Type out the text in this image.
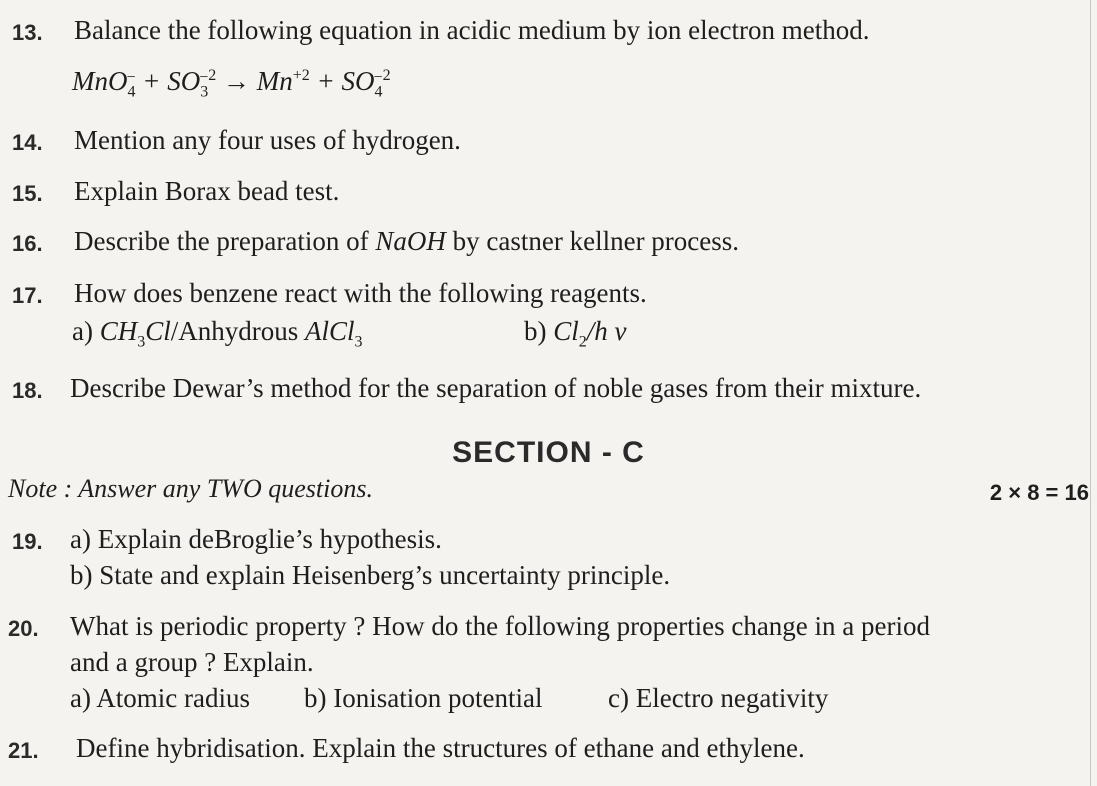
13. Balance the following equation in acidic medium by ion electron method.
$MnO_4^- + SO_3^{-2} \to Mn^{+2} + SO_4^{-2}$
14. Mention any four uses of hydrogen.
15. Explain Borax bead test.
16. Describe the preparation of NaOH by castner kellner process.
17. How does benzene react with the following reagents.
a) $CH_3Cl$/Anhydrous AlCl$_3$	b) $Cl_2/h$ v
18. Describe Dewar’s method for the separation of noble gases from their mixture.
SECTION - C
Note : Answer any TWO questions.	2 × 8 = 16
19. a) Explain deBroglie’s hypothesis.
b) State and explain Heisenberg’s uncertainty principle.
20. What is periodic property ? How do the following properties change in a period
and a group ? Explain.
a) Atomic radius b) Ionisation potential c) Electro negativity
21. Define hybridisation. Explain the structures of ethane and ethylene.
